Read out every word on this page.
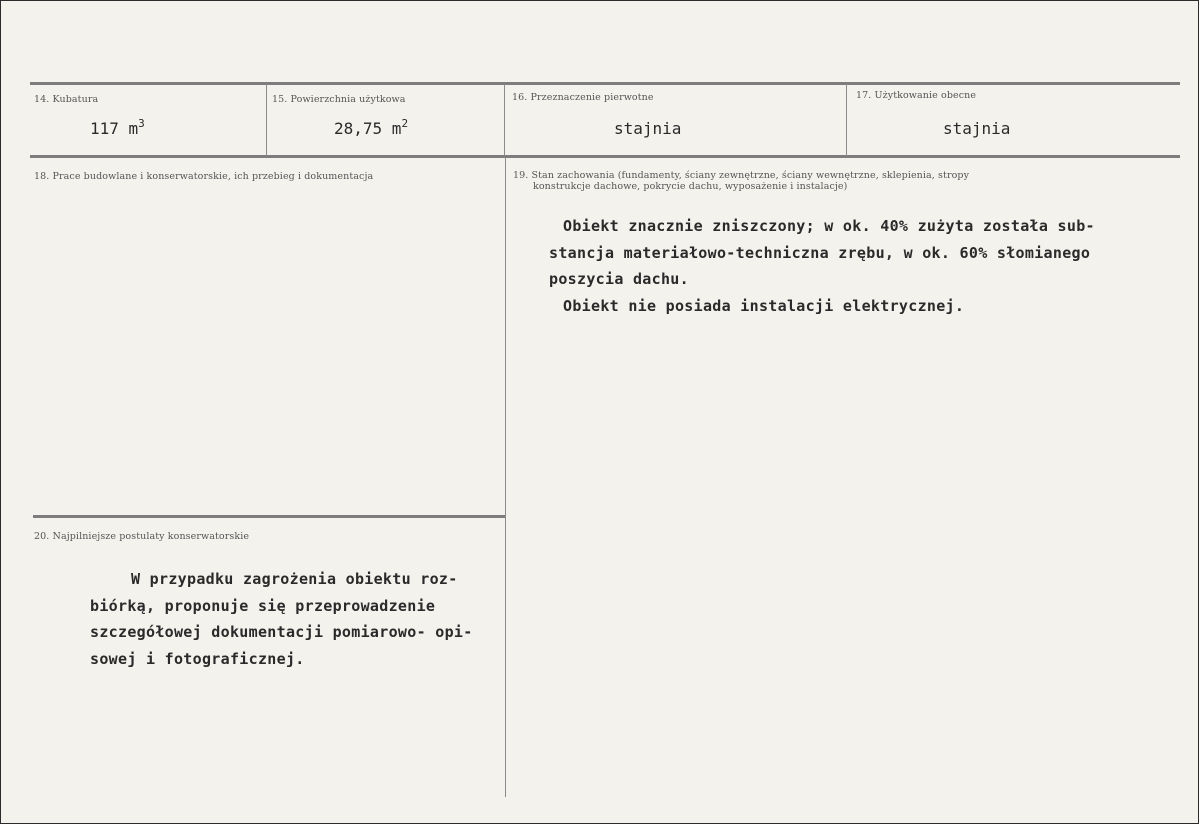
14. Kubatura
117 $m^3$
15. Powierzchnia użytkowa
28,75 $m^2$
16. Przeznaczenie pierwotne
stajnia
17. Użytkowanie obecne
stajnia
18. Prace budowlane i konserwatorskie, ich przebieg i dokumentacja	19. Stan zachowania (fundamenty, ściany zewnętrzne, ściany wewnętrzne, sklepienia, stropy
konstrukcje dachowe, pokrycie dachu, wyposażenie i instalacje)
Obiekt znacznie zniszczony; w ok. 40% zużyta została sub-
stancja materiałowo-techniczna zrębu, w ok. 60% słomianego
poszycia dachu.
Obiekt nie posiada instalacji elektrycznej.
20. Najpilniejsze postulaty konserwatorskie
W przypadku zagrożenia obiektu roz-
biórką, proponuje się przeprowadzenie
szczegółowej dokumentacji pomiarowo- opi-
sowej i fotograficznej.
